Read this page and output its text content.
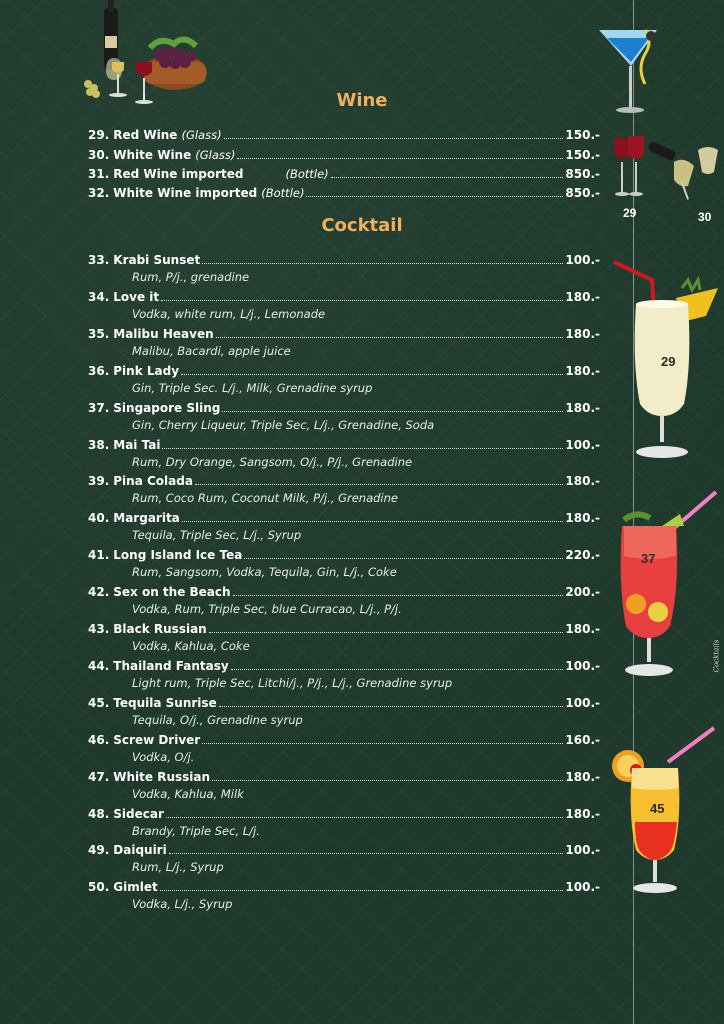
29	30
29
37
45
Cocktails
Wine
29. Red Wine (Glass)	150.-
30. White Wine (Glass)	150.-
31. Red Wine imported	(Bottle)	850.-
32. White Wine imported (Bottle)	850.-
Cocktail
33. Krabi Sunset	100.-
Rum, P/j., grenadine
34. Love it	180.-
Vodka, white rum, L/j., Lemonade
35. Malibu Heaven	180.-
Malibu, Bacardi, apple juice
36. Pink Lady	180.-
Gin, Triple Sec. L/j., Milk, Grenadine syrup
37. Singapore Sling	180.-
Gin, Cherry Liqueur, Triple Sec, L/j., Grenadine, Soda
38. Mai Tai	100.-
Rum, Dry Orange, Sangsom, O/j., P/j., Grenadine
39. Pina Colada	180.-
Rum, Coco Rum, Coconut Milk, P/j., Grenadine
40. Margarita	180.-
Tequila, Triple Sec, L/j., Syrup
41. Long Island Ice Tea	220.-
Rum, Sangsom, Vodka, Tequila, Gin, L/j., Coke
42. Sex on the Beach	200.-
Vodka, Rum, Triple Sec, blue Curracao, L/j., P/j.
43. Black Russian	180.-
Vodka, Kahlua, Coke
44. Thailand Fantasy	100.-
Light rum, Triple Sec, Litchi/j., P/j., L/j., Grenadine syrup
45. Tequila Sunrise	100.-
Tequila, O/j., Grenadine syrup
46. Screw Driver	160.-
Vodka, O/j.
47. White Russian	180.-
Vodka, Kahlua, Milk
48. Sidecar	180.-
Brandy, Triple Sec, L/j.
49. Daiquiri	100.-
Rum, L/j., Syrup
50. Gimlet	100.-
Vodka, L/j., Syrup
